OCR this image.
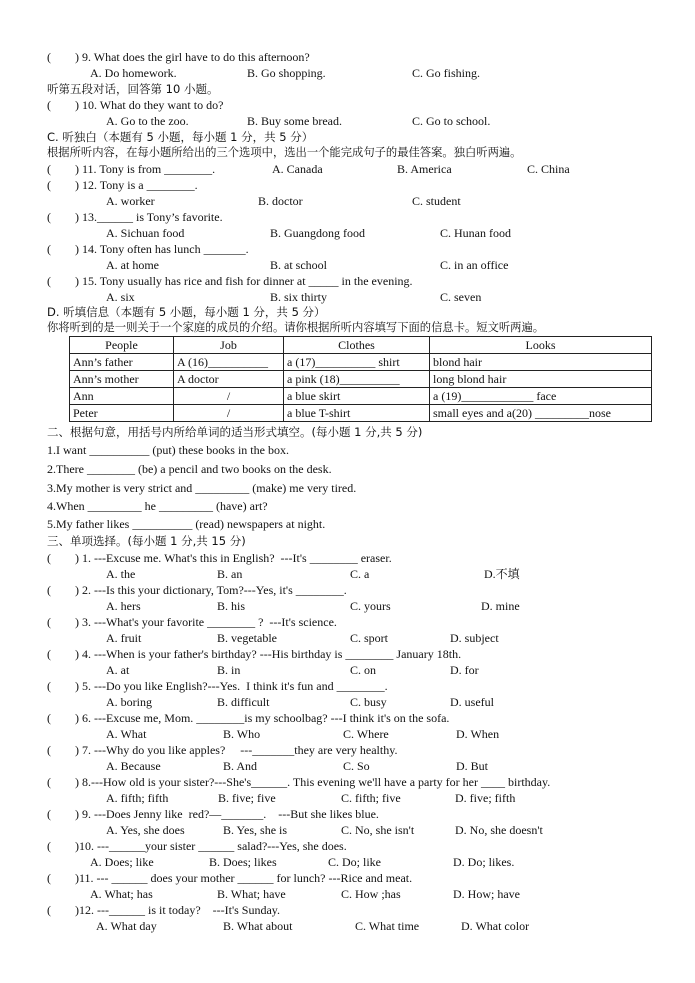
(        ) 9. What does the girl have to do this afternoon?
A. Do homework.	B. Go shopping.	C. Go fishing.
听第五段对话，回答第 10 小题。
(        ) 10. What do they want to do?
A. Go to the zoo.	B. Buy some bread.	C. Go to school.
C. 听独白（本题有 5 小题，每小题 1 分，共 5 分）
根据所听内容，在每小题所给出的三个选项中，选出一个能完成句子的最佳答案。独白听两遍。
(        ) 11. Tony is from ________.	A. Canada	B. America	C. China
(        ) 12. Tony is a ________.
A. worker	B. doctor	C. student
(        ) 13.______ is Tony’s favorite.
A. Sichuan food	B. Guangdong food	C. Hunan food
(        ) 14. Tony often has lunch _______.
A. at home	B. at school	C. in an office
(        ) 15. Tony usually has rice and fish for dinner at _____ in the evening.
A. six	B. six thirty	C. seven
D. 听填信息（本题有 5 小题，每小题 1 分，共 5 分）
你将听到的是一则关于一个家庭的成员的介绍。请你根据所听内容填写下面的信息卡。短文听两遍。
People	Job	Clothes	Looks
Ann’s father	A (16)__________	a (17)__________ shirt	blond hair
Ann’s mother	A doctor	a pink (18)__________	long blond hair
Ann	/	a blue skirt	a (19)____________ face
Peter	/	a blue T-shirt	small eyes and a(20) _________nose
二、根据句意，用括号内所给单词的适当形式填空。(每小题 1 分,共 5 分)
1.I want __________ (put) these books in the box.
2.There ________ (be) a pencil and two books on the desk.
3.My mother is very strict and _________ (make) me very tired.
4.When _________ he _________ (have) art?
5.My father likes __________ (read) newspapers at night.
三、单项选择。(每小题 1 分,共 15 分)
(        ) 1. ---Excuse me. What's this in English?  ---It's ________ eraser.
A. the	B. an	C. a	D.不填
(        ) 2. ---Is this your dictionary, Tom?---Yes, it's ________.
A. hers	B. his	C. yours	D. mine
(        ) 3. ---What's your favorite ________ ?  ---It's science.
A. fruit	B. vegetable	C. sport	D. subject
(        ) 4. ---When is your father's birthday? ---His birthday is ________ January 18th.
A. at	B. in	C. on	D. for
(        ) 5. ---Do you like English?---Yes.  I think it's fun and ________.
A. boring	B. difficult	C. busy	D. useful
(        ) 6. ---Excuse me, Mom. ________is my schoolbag? ---I think it's on the sofa.
A. What	B. Who	C. Where	D. When
(        ) 7. ---Why do you like apples?     ---_______they are very healthy.
A. Because	B. And	C. So	D. But
(        ) 8.---How old is your sister?---She's______. This evening we'll have a party for her ____ birthday.
A. fifth; fifth	B. five; five	C. fifth; five	D. five; fifth
(        ) 9. ---Does Jenny like  red?—_______.    ---But she likes blue.
A. Yes, she does	B. Yes, she is	C. No, she isn't	D. No, she doesn't
(        )10. ---______your sister ______ salad?---Yes, she does.
A. Does; like	B. Does; likes	C. Do; like	D. Do; likes.
(        )11. --- ______ does your mother ______ for lunch? ---Rice and meat.
A. What; has	B. What; have	C. How ;has	D. How; have
(        )12. ---______ is it today?    ---It's Sunday.
A. What day	B. What about	C. What time	D. What color
